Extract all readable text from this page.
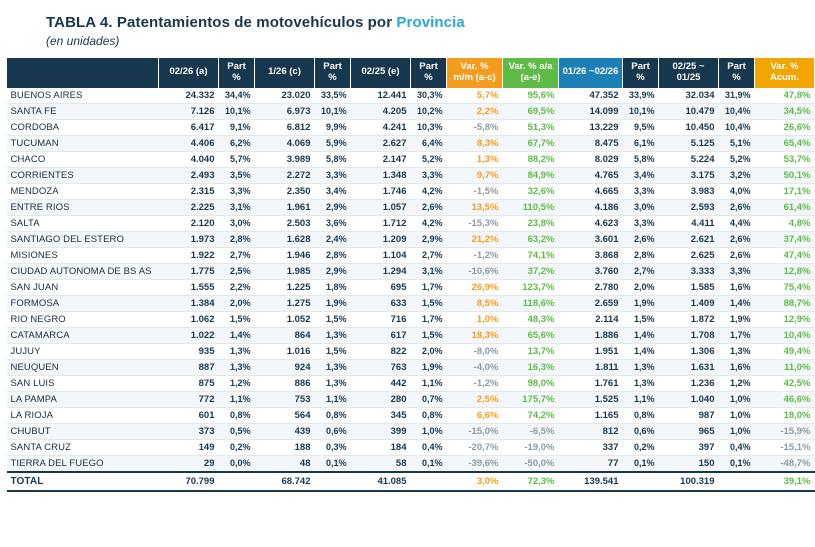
TABLA 4. Patentamientos de motovehículos por Provincia
(en unidades)
	02/26 (a)	Part %	1/26 (c)	Part %	02/25 (e)	Part %	Var. % m/m (a-c)	Var. % a/a (a-e)	01/26 ~02/26	Part %	02/25 ~ 01/25	Part %	Var. % Acum.
BUENOS AIRES	24.332	34,4%	23.020	33,5%	12.441	30,3%	5,7%	95,6%	47.352	33,9%	32.034	31,9%	47,8%
SANTA FE	7.126	10,1%	6.973	10,1%	4.205	10,2%	2,2%	69,5%	14.099	10,1%	10.479	10,4%	34,5%
CORDOBA	6.417	9,1%	6.812	9,9%	4.241	10,3%	-5,8%	51,3%	13.229	9,5%	10.450	10,4%	26,6%
TUCUMAN	4.406	6,2%	4.069	5,9%	2.627	6,4%	8,3%	67,7%	8.475	6,1%	5.125	5,1%	65,4%
CHACO	4.040	5,7%	3.989	5,8%	2.147	5,2%	1,3%	88,2%	8.029	5,8%	5.224	5,2%	53,7%
CORRIENTES	2.493	3,5%	2.272	3,3%	1.348	3,3%	9,7%	84,9%	4.765	3,4%	3.175	3,2%	50,1%
MENDOZA	2.315	3,3%	2.350	3,4%	1.746	4,2%	-1,5%	32,6%	4.665	3,3%	3.983	4,0%	17,1%
ENTRE RIOS	2.225	3,1%	1.961	2,9%	1.057	2,6%	13,5%	110,5%	4.186	3,0%	2.593	2,6%	61,4%
SALTA	2.120	3,0%	2.503	3,6%	1.712	4,2%	-15,3%	23,8%	4.623	3,3%	4.411	4,4%	4,8%
SANTIAGO DEL ESTERO	1.973	2,8%	1.628	2,4%	1.209	2,9%	21,2%	63,2%	3.601	2,6%	2.621	2,6%	37,4%
MISIONES	1.922	2,7%	1.946	2,8%	1.104	2,7%	-1,2%	74,1%	3.868	2,8%	2.625	2,6%	47,4%
CIUDAD AUTONOMA DE BS AS	1.775	2,5%	1.985	2,9%	1.294	3,1%	-10,6%	37,2%	3.760	2,7%	3.333	3,3%	12,8%
SAN JUAN	1.555	2,2%	1.225	1,8%	695	1,7%	26,9%	123,7%	2.780	2,0%	1.585	1,6%	75,4%
FORMOSA	1.384	2,0%	1.275	1,9%	633	1,5%	8,5%	118,6%	2.659	1,9%	1.409	1,4%	88,7%
RIO NEGRO	1.062	1,5%	1.052	1,5%	716	1,7%	1,0%	48,3%	2.114	1,5%	1.872	1,9%	12,9%
CATAMARCA	1.022	1,4%	864	1,3%	617	1,5%	18,3%	65,6%	1.886	1,4%	1.708	1,7%	10,4%
JUJUY	935	1,3%	1.016	1,5%	822	2,0%	-8,0%	13,7%	1.951	1,4%	1.306	1,3%	49,4%
NEUQUEN	887	1,3%	924	1,3%	763	1,9%	-4,0%	16,3%	1.811	1,3%	1.631	1,6%	11,0%
SAN LUIS	875	1,2%	886	1,3%	442	1,1%	-1,2%	98,0%	1.761	1,3%	1.236	1,2%	42,5%
LA PAMPA	772	1,1%	753	1,1%	280	0,7%	2,5%	175,7%	1.525	1,1%	1.040	1,0%	46,6%
LA RIOJA	601	0,8%	564	0,8%	345	0,8%	6,6%	74,2%	1.165	0,8%	987	1,0%	18,0%
CHUBUT	373	0,5%	439	0,6%	399	1,0%	-15,0%	-6,5%	812	0,6%	965	1,0%	-15,9%
SANTA CRUZ	149	0,2%	188	0,3%	184	0,4%	-20,7%	-19,0%	337	0,2%	397	0,4%	-15,1%
TIERRA DEL FUEGO	29	0,0%	48	0,1%	58	0,1%	-39,6%	-50,0%	77	0,1%	150	0,1%	-48,7%
TOTAL	70.799		68.742		41.085		3,0%	72,3%	139.541		100.319		39,1%
